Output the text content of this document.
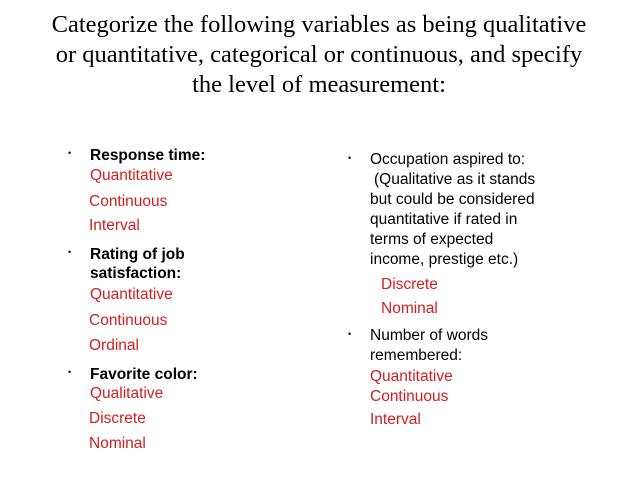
Categorize the following variables as being qualitative
or quantitative, categorical or continuous, and specify
the level of measurement:
• Response time:
Quantitative
Continuous
Interval
• Rating of job
satisfaction:
Quantitative
Continuous
Ordinal
• Favorite color:
Qualitative
Discrete
Nominal
• Occupation aspired to:
(Qualitative as it stands
but could be considered
quantitative if rated in
terms of expected
income, prestige etc.)
Discrete
Nominal
• Number of words
remembered:
Quantitative
Continuous
Interval
